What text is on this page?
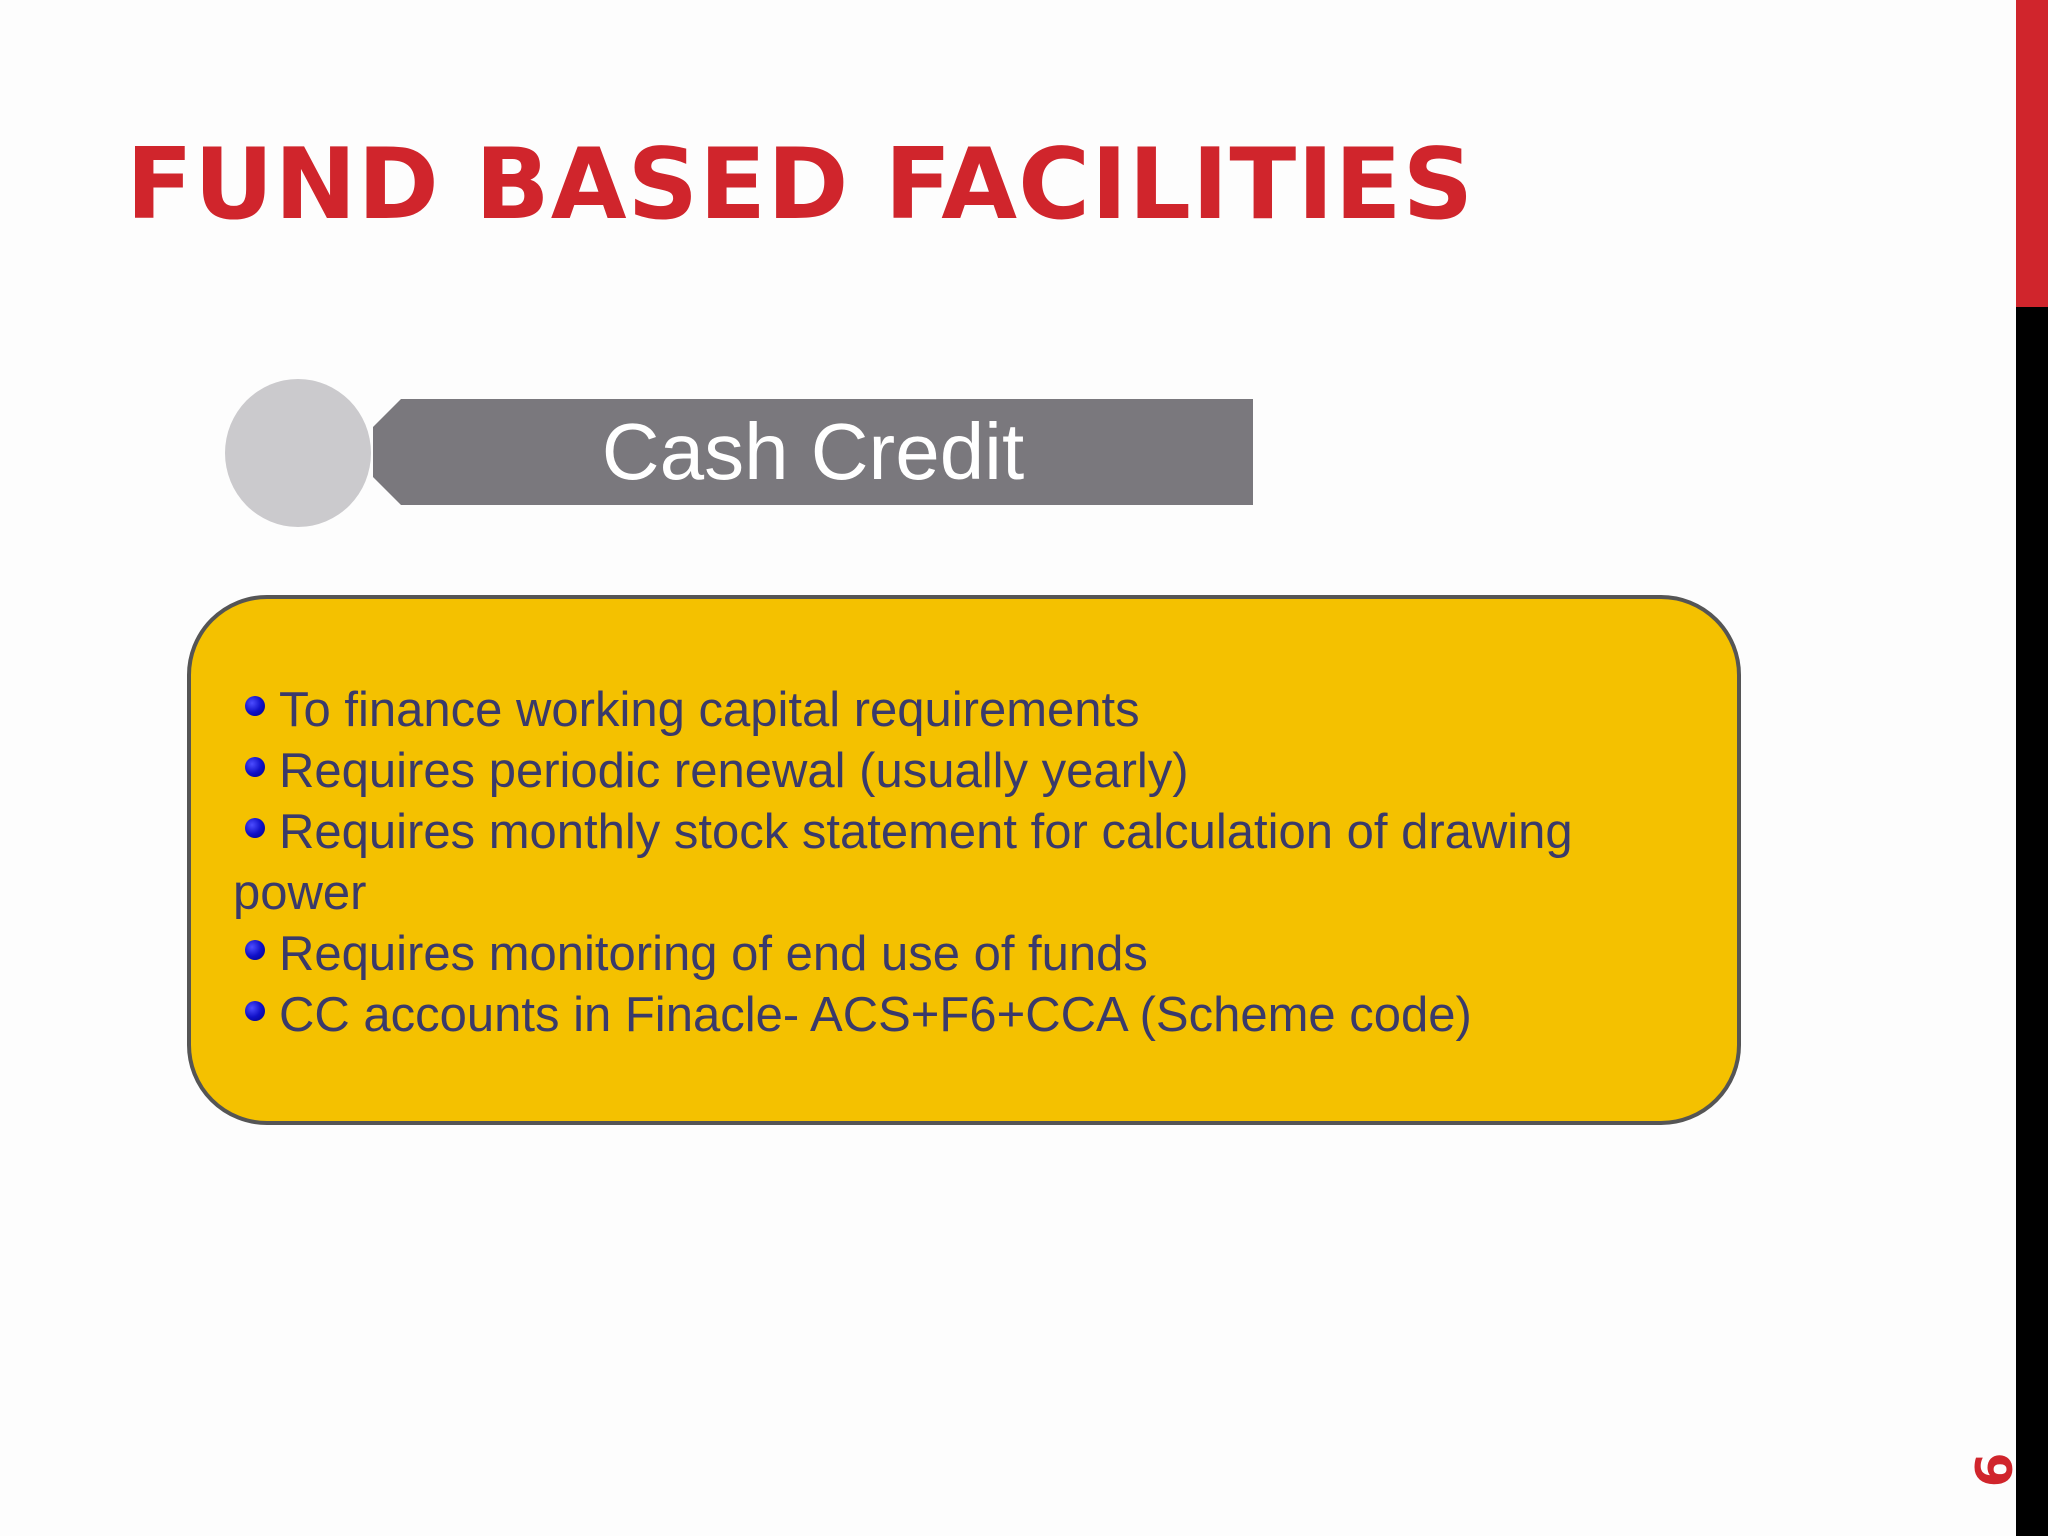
FUND BASED FACILITIES
9
Cash Credit
To finance working capital requirements
Requires periodic renewal (usually yearly)
Requires monthly stock statement for calculation of drawing power
Requires monitoring of end use of funds
CC accounts in Finacle- ACS+F6+CCA (Scheme code)
